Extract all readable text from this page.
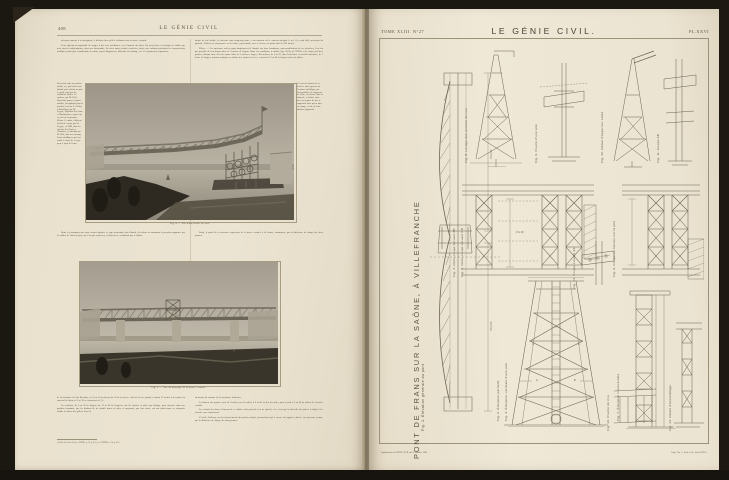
408	LE GÉNIE CIVIL

vait pour amener à la navigation, le déchirer bien qu'il le réduisait sous la travée centrale.

Il fut également impossible de songer à des axes oscillantes, vu la hauteur des piles. On pensa bien à constituer le tablier par trois travées indépendantes, dont une horizontale, les deux autres cintrées inclinées, mais cette solution présentait les inconvénients multiples joints plus considérable de métal, aspect disgracieux, difficulté du cintrage, etc. Cet ajustement répousseur.

dation de cire inédite, la descente dura vingt-sept jours, et au moment où le couteau atteignit le sol, il y avait déjà, au-dessus du plafond, 29,68 m de maçonnerie en de béton, représentant, avec le réseau, un poids total de 820 tonnes.

Piliers. — Les anciennes culées ayant simplement été élargies sur leurs fondations, sans modification de ces dernières, il ne fut pas possible de leur donner plus de 9 mètres de largeur. Dans ces conditions, le tablier (fig. 24-26, pl. XXVI) a été formé par deux poutres, laissant entre elles un espace libre de 7 mètres et larges, elles-mêmes, de 0 m 70, dont l'entretoise et semelle inférieure, de 1 mètre de largeur, forment anticipés en dehors des poutres de rive, et portent à 9 m 40 la largeur totale du tablier.

On écrivit enfin au système mobile ver, qu'il bénit toute latitude pour obtenir un pari le profil exigé par les conditions locales. Ce système, que M. Réal Oriscolato pousse à jointes mobiles, fut appliqué pour la première fois sur le Chéliff, à Rodachinji, par M. Leygue, Ingénieur des Ponts et Manufactures, ayant reçu en chef de la première d'Oran. Ce mode, d'ailleurs, fut décrit et posé par M. Leygue, en 1889, dans les Annales des Ponts et Chaussées, et introduit par M. Réal, dans son ouvrage Ponts métalliques, qui sert leader le choix de ce type pour le pont de Frans.

La voie du chemin de fer, dont les rails reposent sur l'ossature métallique, par l'intermédiaire de longerons de chêne, est insérée dans la chaussée, et laissée toute nue; les poutres de rive se supportent donc par la mise en charge, et ont, de leurs attaches apparentes.

Fig. 4. — Vue d'une travée de rive.

Outre les avantages que nous venons signaler, ce type permettait, tout d'abord, de réduire au minimum la pression supportée par les câbles de l'ancien pont, que l'on prit conserver, et dont on ne construisit pas le tablier.

Enfin, le profil de la sous-face supérieure de la travée centrale a été donné, notamment, par la différence de charge des deux poutres.

Fig. 5. — Vue du montage de la travée centrale.

de la résistance de l'art Bernalin, et à 0 m 50 au-dessus du 50 de la travée; celui de la rive gauche a atteint 12 mètres à la ensuite du sous-sol de béton et 9 m 30 en contrefort de 0,5.

Les caissons, de 0 m 50 de largeur sur 13 m 30 de longueur, ont été montés en place par flottage, puis enfoncés dans une position constante, par les boulons de fer double traces de piles et maçonnés, par leur rivure, sur une plate-forme en charpente établie les blocs des piliers. Pour la

au-dessus du sommet de la membrure inférieure.

La hauteur des poutres varie de 4 mètres sur les culées à 9 m 60 au lieu des piles, pour revenir à 3 m 60 au milieu de la travée centrale.

Les calculs des divers éléments de ce tablier n'ont présenté rien de spécial, si ce n'est que la diversité des pièces à obligé à les calculer unes séparément.

C'est là, d'ailleurs, un des inconvénients du système adopté, inconvénient qui à encore été aggravé, dans le cas qui nous occupe, par la différence de charge des deux poutres.

(1) Voir Le Génie Civil, t. XXXII, p. 17, p. 213, et t. XXXIII, n° 14, p. 215.
TOME XLIII. N°27	LE GÉNIE CIVIL.	PL.XXVI
PONT DE FRANS SUR LA SAÔNE, À VILLEFRANCHE Fig. 1. Élévation générale du pont
70 m 00
70 m 00
A	B
C	D
Fig. 2. Élévation partielle Fig. 3. Élévation verticale d'une pile	Fig. 7. Élévation transversale
Fig. 8. Levage des poutres de rive	Fig. 9. Poutre d'une pile	Fig. 10. Détail d'appui sur culée	Fig. 11. Coupe AB
9 m 40
Fig. 4. Demi-coupe suivant AB Fig. 5. Demi-coupe suivant CD	Fig. 6. Coupe en travers sur la pile
Fig. 13. Coupe suivant EF
Fig. 14. Détail d'assemblage
Fig. 12. Poutre de rive
Supplément au GÉNIE CIVIL du 27 octobre 1903	Imp. Gén. A. Petit et Cie, Paris (XIV°)
